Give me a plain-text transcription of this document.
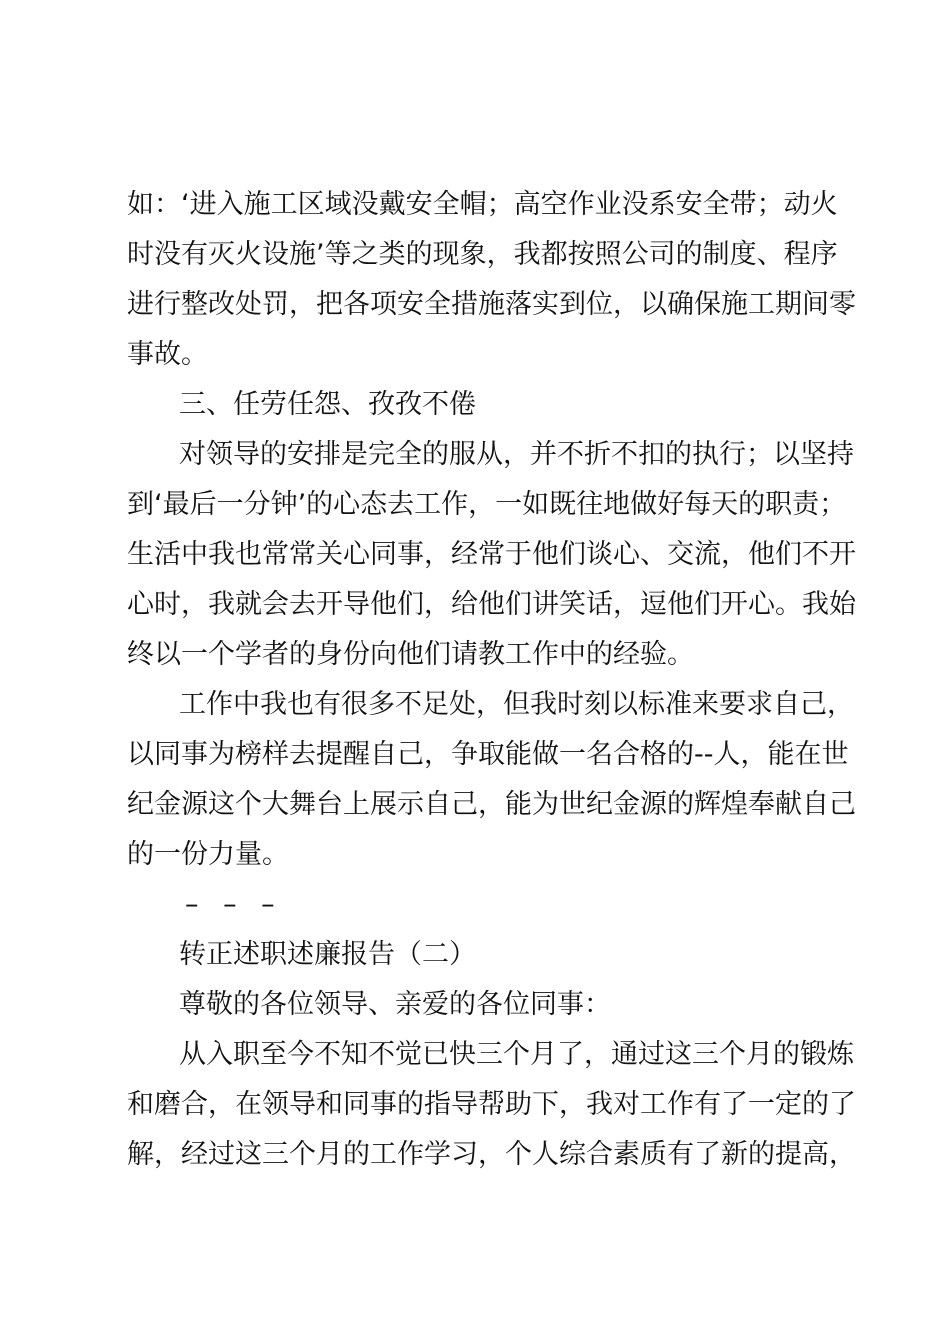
如：‘进入施工区域没戴安全帽；高空作业没系安全带；动火
时没有灭火设施’等之类的现象，我都按照公司的制度、程序
进行整改处罚，把各项安全措施落实到位，以确保施工期间零
事故。
三、任劳任怨、孜孜不倦
对领导的安排是完全的服从，并不折不扣的执行；以坚持
到‘最后一分钟’的心态去工作，一如既往地做好每天的职责；
生活中我也常常关心同事，经常于他们谈心、交流，他们不开
心时，我就会去开导他们，给他们讲笑话，逗他们开心。我始
终以一个学者的身份向他们请教工作中的经验。
工作中我也有很多不足处，但我时刻以标准来要求自己，
以同事为榜样去提醒自己，争取能做一名合格的--人，能在世
纪金源这个大舞台上展示自己，能为世纪金源的辉煌奉献自己
的一份力量。
– – –
转正述职述廉报告（二）
尊敬的各位领导、亲爱的各位同事：
从入职至今不知不觉已快三个月了，通过这三个月的锻炼
和磨合，在领导和同事的指导帮助下，我对工作有了一定的了
解，经过这三个月的工作学习，个人综合素质有了新的提高，
